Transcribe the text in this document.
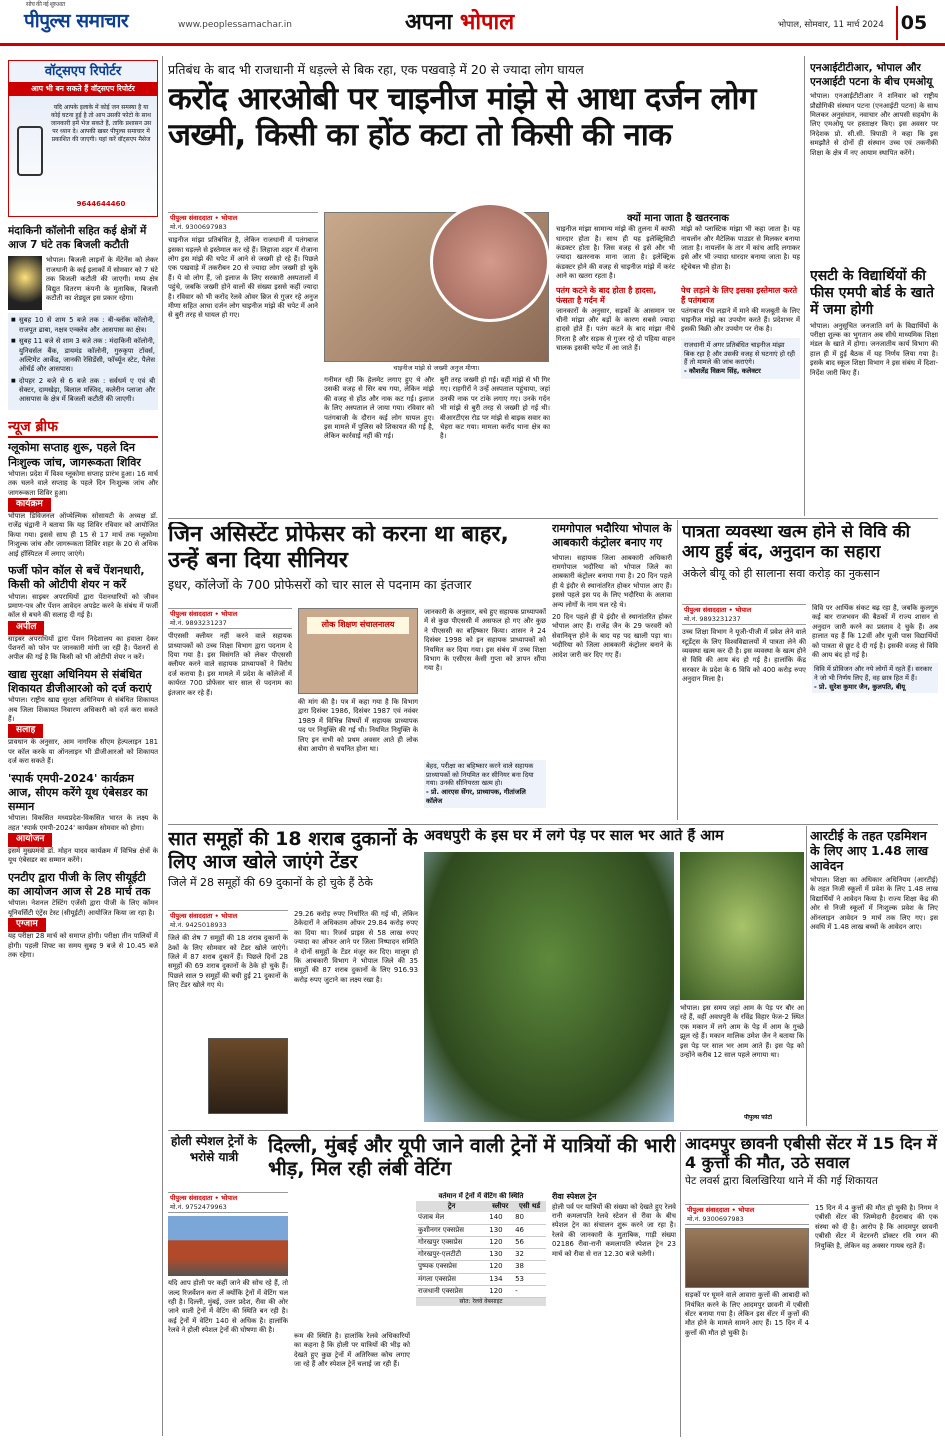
सोच की नई शुरुआत
पीपुल्स समाचार	www.peoplessamachar.in	अपना भोपाल	भोपाल, सोमवार, 11 मार्च 2024 05
वॉट्सएप रिपोर्टर
आप भी बन सकते हैं वॉट्सएप रिपोर्टर
यदि आपके इलाके में कोई जन समस्या है या कोई घटना हुई है तो आप उसकी फोटो के साथ जानकारी हमें भेज सकते हैं, ताकि प्रशासन उस पर ध्यान दे। आपकी खबर पीपुल्स समाचार में प्रकाशित की जाएगी। यहां करें वॉट्सएप मैसेज
9644644460
मंदाकिनी कॉलोनी सहित कई क्षेत्रों में आज 7 घंटे तक बिजली कटौती
भोपाल। बिजली लाइनों के मेंटेनेंस को लेकर राजधानी के कई इलाकों में सोमवार को 7 घंटे तक बिजली कटौती की जाएगी। मध्य क्षेत्र विद्युत वितरण कंपनी के मुताबिक, बिजली कटौती का शेड्यूल इस प्रकार रहेगा।
■ सुबह 10 से शाम 5 बजे तक : बी-ब्लॉक कॉलोनी, राजपूत ढाबा, नक्षत्र एन्क्लेव और आसपास का क्षेत्र।
■ सुबह 11 बजे से शाम 3 बजे तक : मंदाकिनी कॉलोनी, युनिवर्सल बैंक, डायमंड कॉलोनी, गुरुकृपा टॉवर्स, अल्टिमेट आर्केड, जानकी रेसिडेंसी, फॉर्च्यून स्टेट, पैलेस ऑर्चर्ड और आसपास।
■ दोपहर 2 बजे से 6 बजे तक : सर्वधर्म ए एवं बी सेक्टर, दामखेड़ा, बिलाल मस्जिद, कलेरीन प्लाजा और आसपास के क्षेत्र में बिजली कटौती की जाएगी।
न्यूज ब्रीफ
ग्लूकोमा सप्ताह शुरू, पहले दिन निःशुल्क जांच, जागरूकता शिविर
भोपाल। प्रदेश में विश्व ग्लूकोमा सप्ताह प्रारंभ हुआ। 16 मार्च तक चलने वाले सप्ताह के पहले दिन निःशुल्क जांच और जागरूकता शिविर हुआ।
कार्यक्रम
भोपाल डिविजनल ऑप्थेल्मिक सोसायटी के अध्यक्ष डॉ. राजेंद्र चंद्वानी ने बताया कि यह शिविर रविवार को आयोजित किया गया। इससे साथ ही 15 से 17 मार्च तक ग्लूकोमा निःशुल्क जांच और जागरूकता शिविर शहर के 20 से अधिक आई हॉस्पिटल में लगाए जाएंगे।
फर्जी फोन कॉल से बचें पेंशनधारी, किसी को ओटीपी शेयर न करें
भोपाल। साइबर अपराधियों द्वारा पेंशनधारियों को जीवन प्रमाण-पत्र और पेंशन आवेदन अपडेट करने के संबंध में फर्जी कॉल से बचने की सलाह दी गई है।
अपील
साइबर अपराधियों द्वारा पेंशन निदेशालय का हवाला देकर पेंशनरों को फोन पर जानकारी मांगी जा रही है। पेंशनरों से अपील की गई है कि किसी को भी ओटीपी शेयर न करें।
खाद्य सुरक्षा अधिनियम से संबंधित शिकायत डीजीआरओ को दर्ज कराएं
भोपाल। राष्ट्रीय खाद्य सुरक्षा अधिनियम से संबंधित शिकायत अब जिला शिकायत निवारण अधिकारी को दर्ज करा सकते हैं।
सलाह
प्रावधान के अनुसार, आम नागरिक सीएम हेल्पलाइन 181 पर कॉल करके या ऑनलाइन भी डीजीआरओ को शिकायत दर्ज करा सकते हैं।
'स्पार्क एमपी-2024' कार्यक्रम आज, सीएम करेंगे यूथ एंबेसडर का सम्मान
भोपाल। विकसित मध्यप्रदेश-विकसित भारत के लक्ष्य के तहत 'स्पार्क एमपी-2024' कार्यक्रम सोमवार को होगा।
आयोजन
इसमें मुख्यमंत्री डॉ. मोहन यादव कार्यक्रम में विभिन्न क्षेत्रों के यूथ एंबेसडर का सम्मान करेंगे।
एनटीए द्वारा पीजी के लिए सीयूईटी का आयोजन आज से 28 मार्च तक
भोपाल। नेशनल टेस्टिंग एजेंसी द्वारा पीजी के लिए कॉमन यूनिवर्सिटी एंट्रेंस टेस्ट (सीयूईटी) आयोजित किया जा रहा है।
एग्जाम
यह परीक्षा 28 मार्च को समाप्त होगी। परीक्षा तीन पालियों में होगी। पहली शिफ्ट का समय सुबह 9 बजे से 10.45 बजे तक रहेगा।
प्रतिबंध के बाद भी राजधानी में धड़ल्ले से बिक रहा, एक पखवाड़े में 20 से ज्यादा लोग घायल
करोंद आरओबी पर चाइनीज मांझे से आधा दर्जन लोग जख्मी, किसी का होंठ कटा तो किसी की नाक
पीपुल्स संवाददाता • भोपाल
मो.नं. 9300697983
चाइनीज मांझा प्रतिबंधित है, लेकिन राजधानी में पतंगबाज इसका धड़ल्ले से इस्तेमाल कर रहे हैं। लिहाजा शहर में रोजाना लोग इस मांझे की चपेट में आने से जख्मी हो रहे हैं। पिछले एक पखवाड़े में तकरीबन 20 से ज्यादा लोग जख्मी हो चुके हैं। ये वो लोग हैं, जो इलाज के लिए सरकारी अस्पतालों में पहुंचे, जबकि जख्मी होने वालों की संख्या इससे कहीं ज्यादा है। रविवार को भी करोंद रेलवे ओवर ब्रिज से गुजर रहे अनुज मीणा सहित आधा दर्जन लोग चाइनीज मांझे की चपेट में आने से बुरी तरह से घायल हो गए।
चाइनीज मांझे से जख्मी अनुज मीणा।
गनीमत रही कि हेलमेट लगाए हुए थे और उसकी वजह से सिर बच गया, लेकिन मांझे की वजह से होंठ और नाक कट गई। इलाज के लिए अस्पताल ले जाया गया। रविवार को पतंगबाजी के दौरान कई लोग घायल हुए। इस मामले में पुलिस को शिकायत की गई है, लेकिन कार्रवाई नहीं की गई।
बुरी तरह जख्मी हो गई। वहीं मांझे से भी गिर गए। राहगीरों ने उन्हें अस्पताल पहुंचाया, जहां उनकी नाक पर टांके लगाए गए। उनके गर्दन भी मांझे से बुरी तरह से जख्मी हो गई थी। बीआरटीएस रोड पर मांझे से बाइक सवार का चेहरा कट गया। मामला करोंद थाना क्षेत्र का है।
क्यों माना जाता है खतरनाक
चाइनीज मांझा सामान्य मांझे की तुलना में काफी धारदार होता है। साथ ही यह इलेक्ट्रिसिटी कंडक्टर होता है। जिस वजह से इसे और भी ज्यादा खतरनाक माना जाता है। इलेक्ट्रिक कंडक्टर होने की वजह से चाइनीज मांझे में करंट आने का खतरा रहता है।
मांझे को प्लास्टिक मांझा भी कहा जाता है। यह नायलॉन और मैटेलिक पाउडर से मिलकर बनाया जाता है। नायलॉन के तार में कांच आदि लगाकर इसे और भी ज्यादा धारदार बनाया जाता है। यह स्ट्रेचेबल भी होता है।
पतंग कटने के बाद होता है हादसा, फंसता है गर्दन में
जानकारों के अनुसार, सड़कों के आसमान पर चीनी मांझा और बड़ों के कारण सबसे ज्यादा हादसे होते हैं। पतंग कटने के बाद मांझा नीचे गिरता है और सड़क से गुजर रहे दो पहिया वाहन चालक इसकी चपेट में आ जाते हैं।
पेच लड़ाने के लिए इसका इस्तेमाल करते हैं पतंगबाज
पतंगबाज पेंच लड़ाने में माने की मजबूती के लिए चाइनीज मांझे का उपयोग करते हैं। प्रदेशभर में इसकी बिक्री और उपयोग पर रोक है।
राजधानी में अगर प्रतिबंधित चाइनीज मांझा बिक रहा है और उसकी वजह से घटनाएं हो रही हैं तो मामले की जांच कराएंगे।
- कौशलेंद्र विक्रम सिंह, कलेक्टर
एनआईटीटीआर, भोपाल और एनआईटी पटना के बीच एमओयू
भोपाल। एनआईटीटीआर ने शनिवार को राष्ट्रीय प्रौद्योगिकी संस्थान पटना (एनआईटी पटना) के साथ मिलकर अनुसंधान, नवाचार और आपसी सहयोग के लिए एमओयू पर हस्ताक्षर किए। इस अवसर पर निदेशक प्रो. सी.सी. त्रिपाठी ने कहा कि इस समझौते से दोनों ही संस्थान उच्च एवं तकनीकी शिक्षा के क्षेत्र में नए आयाम स्थापित करेंगे।
एसटी के विद्यार्थियों की फीस एमपी बोर्ड के खाते में जमा होगी
भोपाल। अनुसूचित जनजाति वर्ग के विद्यार्थियों के परीक्षा शुल्क का भुगतान अब सीधे माध्यमिक शिक्षा मंडल के खाते में होगा। जनजातीय कार्य विभाग की हाल ही में हुई बैठक में यह निर्णय लिया गया है। इसके बाद स्कूल शिक्षा विभाग ने इस संबंध में दिशा-निर्देश जारी किए हैं।
जिन असिस्टेंट प्रोफेसर को करना था बाहर, उन्हें बना दिया सीनियर
इधर, कॉलेजों के 700 प्रोफेसरों को चार साल से पदनाम का इंतजार
पीपुल्स संवाददाता • भोपाल
मो.नं. 9893231237
पीएससी क्लीयर नहीं करने वाले सहायक प्राध्यापकों को उच्च शिक्षा विभाग द्वारा पदनाम दे दिया गया है। इस विसंगति को लेकर पीएससी क्लीयर करने वाले सहायक प्राध्यापकों ने विरोध दर्ज कराया है। इस मामले में प्रदेश के कॉलेजों में कार्यरत 700 प्रोफेसर चार साल से पदनाम का इंतजार कर रहे हैं।
लोक शिक्षण संचालनालय
की मांग की है। पत्र में कहा गया है कि विभाग द्वारा दिसंबर 1986, दिसंबर 1987 एवं नवंबर 1989 में विभिन्न विषयों में सहायक प्राध्यापक पद पर नियुक्ति की गई थी। नियमित नियुक्ति के लिए इन सभी को प्रथम अवसर आते ही लोक सेवा आयोग से चयनित होना था।
जानकारी के अनुसार, बचे हुए सहायक प्राध्यापकों में से कुछ पीएससी में असफल हो गए और कुछ ने पीएससी का बहिष्कार किया। शासन ने 24 दिसंबर 1998 को इन सहायक प्राध्यापकों को नियमित कर दिया गया। इस संबंध में उच्च शिक्षा विभाग के एसीएस केसी गुप्ता को ज्ञापन सौंपा गया है।
बेहद, परीक्षा का बहिष्कार करने वाले सहायक प्राध्यापकों को नियमित कर सीनियर बना दिया गया। उनकी सीनियरता खत्म हो।
- प्रो. आरएस सेंगर, प्राध्यापक, गीतांजलि कॉलेज
रामगोपाल भदौरिया भोपाल के आबकारी कंट्रोलर बनाए गए
भोपाल। सहायक जिला आबकारी अधिकारी रामगोपाल भदौरिया को भोपाल जिले का आबकारी कंट्रोलर बनाया गया है। 20 दिन पहले ही ये इंदौर से स्थानांतरित होकर भोपाल आए हैं। इससे पहले इस पद के लिए भदौरिया के अलावा अन्य लोगों के नाम चल रहे थे।
20 दिन पहले ही ये इंदौर से स्थानांतरित होकर भोपाल आए हैं। राजेंद्र जैन के 29 फरवरी को सेवानिवृत्त होने के बाद यह पद खाली पड़ा था। भदौरिया को जिला आबकारी कंट्रोलर बनाने के आदेश जारी कर दिए गए हैं।
पात्रता व्यवस्था खत्म होने से विवि की आय हुई बंद, अनुदान का सहारा
अकेले बीयू को ही सालाना सवा करोड़ का नुकसान
पीपुल्स संवाददाता • भोपाल
मो.नं. 9893231237
उच्च शिक्षा विभाग ने यूजी-पीजी में प्रवेश लेने वाले स्टूडेंट्स के लिए विश्वविद्यालयों में पात्रता लेने की व्यवस्था खत्म कर दी है। इस व्यवस्था के खत्म होने से विवि की आय बंद हो गई है। हालांकि केंद्र सरकार के प्रदेश के 6 विवि को 400 करोड़ रुपए अनुदान मिला है।
विवि पर आर्थिक संकट बढ़ रहा है, जबकि कुलगुरु कई बार राजभवन की बैठकों में राज्य शासन से अनुदान जारी करने का प्रस्ताव दे चुके हैं। अब हालात यह हैं कि 12वीं और यूजी पास विद्यार्थियों को पात्रता से छूट दे दी गई है। इसकी वजह से विवि की आय बंद हो गई है।
विवि में प्रोविजन और नये लोगों में रहते हैं। सरकार ने जो भी निर्णय लिए हैं, वह छात्र हित में हैं।
- प्रो. सुरेश कुमार जैन, कुलपति, बीयू
सात समूहों की 18 शराब दुकानों के लिए आज खोले जाएंगे टेंडर
जिले में 28 समूहों की 69 दुकानों के हो चुके हैं ठेके
पीपुल्स संवाददाता • भोपाल
मो.नं. 9425018933
जिले की शेष 7 समूहों की 18 शराब दुकानों के ठेकों के लिए सोमवार को टेंडर खोले जाएंगे। जिले में 87 शराब दुकानें हैं। पिछले दिनों 28 समूहों की 69 शराब दुकानों के ठेके हो चुके हैं। पिछले साल 9 समूहों की बची हुई 21 दुकानों के लिए टेंडर खोले गए थे।
29.26 करोड़ रुपए निर्धारित की गई थी, लेकिन ठेकेदारों ने अधिकतम ऑफर 29.84 करोड़ रुपए का दिया था। रिजर्व प्राइस से 58 लाख रुपए ज्यादा का ऑफर आने पर जिला निष्पादन समिति ने दोनों समूहों के टेंडर मंजूर कर दिए। मालूम हो कि आबकारी विभाग ने भोपाल जिले की 35 समूहों की 87 शराब दुकानों के लिए 916.93 करोड़ रुपए जुटाने का लक्ष्य रखा है।
अवधपुरी के इस घर में लगे पेड़ पर साल भर आते हैं आम
भोपाल। इस समय जहां आम के पेड़ पर बौर आ रहे हैं, वहीं अवधपुरी के रविंद्र विहार फेज-2 स्थित एक मकान में लगे आम के पेड़ में आम के गुच्छे झूल रहे हैं। मकान मालिक उमेश जैन ने बताया कि इस पेड़ पर साल भर आम आते हैं। इस पेड़ को उन्होंने करीब 12 साल पहले लगाया था।
पीपुल्स फोटो
आरटीई के तहत एडमिशन के लिए आए 1.48 लाख आवेदन
भोपाल। शिक्षा का अधिकार अधिनियम (आरटीई) के तहत निजी स्कूलों में प्रवेश के लिए 1.48 लाख विद्यार्थियों ने आवेदन किया है। राज्य शिक्षा केंद्र की ओर से निजी स्कूलों में निःशुल्क प्रवेश के लिए ऑनलाइन आवेदन 9 मार्च तक लिए गए। इस अवधि में 1.48 लाख बच्चों के आवेदन आए।
होली स्पेशल ट्रेनों के भरोसे यात्री	दिल्ली, मुंबई और यूपी जाने वाली ट्रेनों में यात्रियों की भारी भीड़, मिल रही लंबी वेटिंग
पीपुल्स संवाददाता • भोपाल
मो.नं. 9752479963
यदि आप होली पर कहीं जाने की सोच रहे हैं, तो जल्द रिजर्वेशन करा लें क्योंकि ट्रेनों में वेटिंग चल रही है। दिल्ली, मुंबई, उत्तर प्रदेश, रीवा की ओर जाने वाली ट्रेनों में वेटिंग की स्थिति बन रही है। कई ट्रेनों में वेटिंग 140 से अधिक है। हालांकि रेलवे ने होली स्पेशल ट्रेनों की घोषणा की है।
रूम की स्थिति है। हालांकि रेलवे अधिकारियों का कहना है कि होली पर यात्रियों की भीड़ को देखते हुए कुछ ट्रेनों में अतिरिक्त कोच लगाए जा रहे हैं और स्पेशल ट्रेनें चलाई जा रही हैं।
वर्तमान में ट्रेनों में वेटिंग की स्थिति
ट्रेन	स्लीपर	एसी थर्ड
पंजाब मेल	140	80
कुशीनगर एक्सप्रेस	130	46
गोरखपुर एक्सप्रेस	120	56
गोरखपुर-एलटीटी	130	32
पुष्पक एक्सप्रेस	120	38
मंगला एक्सप्रेस	134	53
राजधानी एक्सप्रेस	120	-
स्रोत: रेलवे वेबसाइट
रीवा स्पेशल ट्रेन
होली पर्व पर यात्रियों की संख्या को देखते हुए रेलवे रानी कमलापति रेलवे स्टेशन से रीवा के बीच स्पेशल ट्रेन का संचालन शुरू करने जा रहा है। रेलवे की जानकारी के मुताबिक, गाड़ी संख्या 02186 रीवा-रानी कमलापति स्पेशल ट्रेन 23 मार्च को रीवा से रात 12.30 बजे चलेगी।
आदमपुर छावनी एबीसी सेंटर में 15 दिन में 4 कुत्तों की मौत, उठे सवाल
पेट लवर्स द्वारा बिलखिरिया थाने में की गई शिकायत
पीपुल्स संवाददाता • भोपाल
मो.नं. 9300697983
सड़कों पर घूमने वाले आवारा कुत्तों की आबादी को नियंत्रित करने के लिए आदमपुर छावनी में एबीसी सेंटर बनाया गया है। लेकिन इस सेंटर में कुत्तों की मौत होने के मामले सामने आए हैं। 15 दिन में 4 कुत्तों की मौत हो चुकी है।
15 दिन में 4 कुत्तों की मौत हो चुकी है। निगम ने एबीसी सेंटर की जिम्मेदारी हैदराबाद की एक संस्था को दी है। आरोप है कि आदमपुर छावनी एबीसी सेंटर में वेटरनरी डॉक्टर रवि रमन की नियुक्ति है, लेकिन वह अक्सर गायब रहते हैं।
